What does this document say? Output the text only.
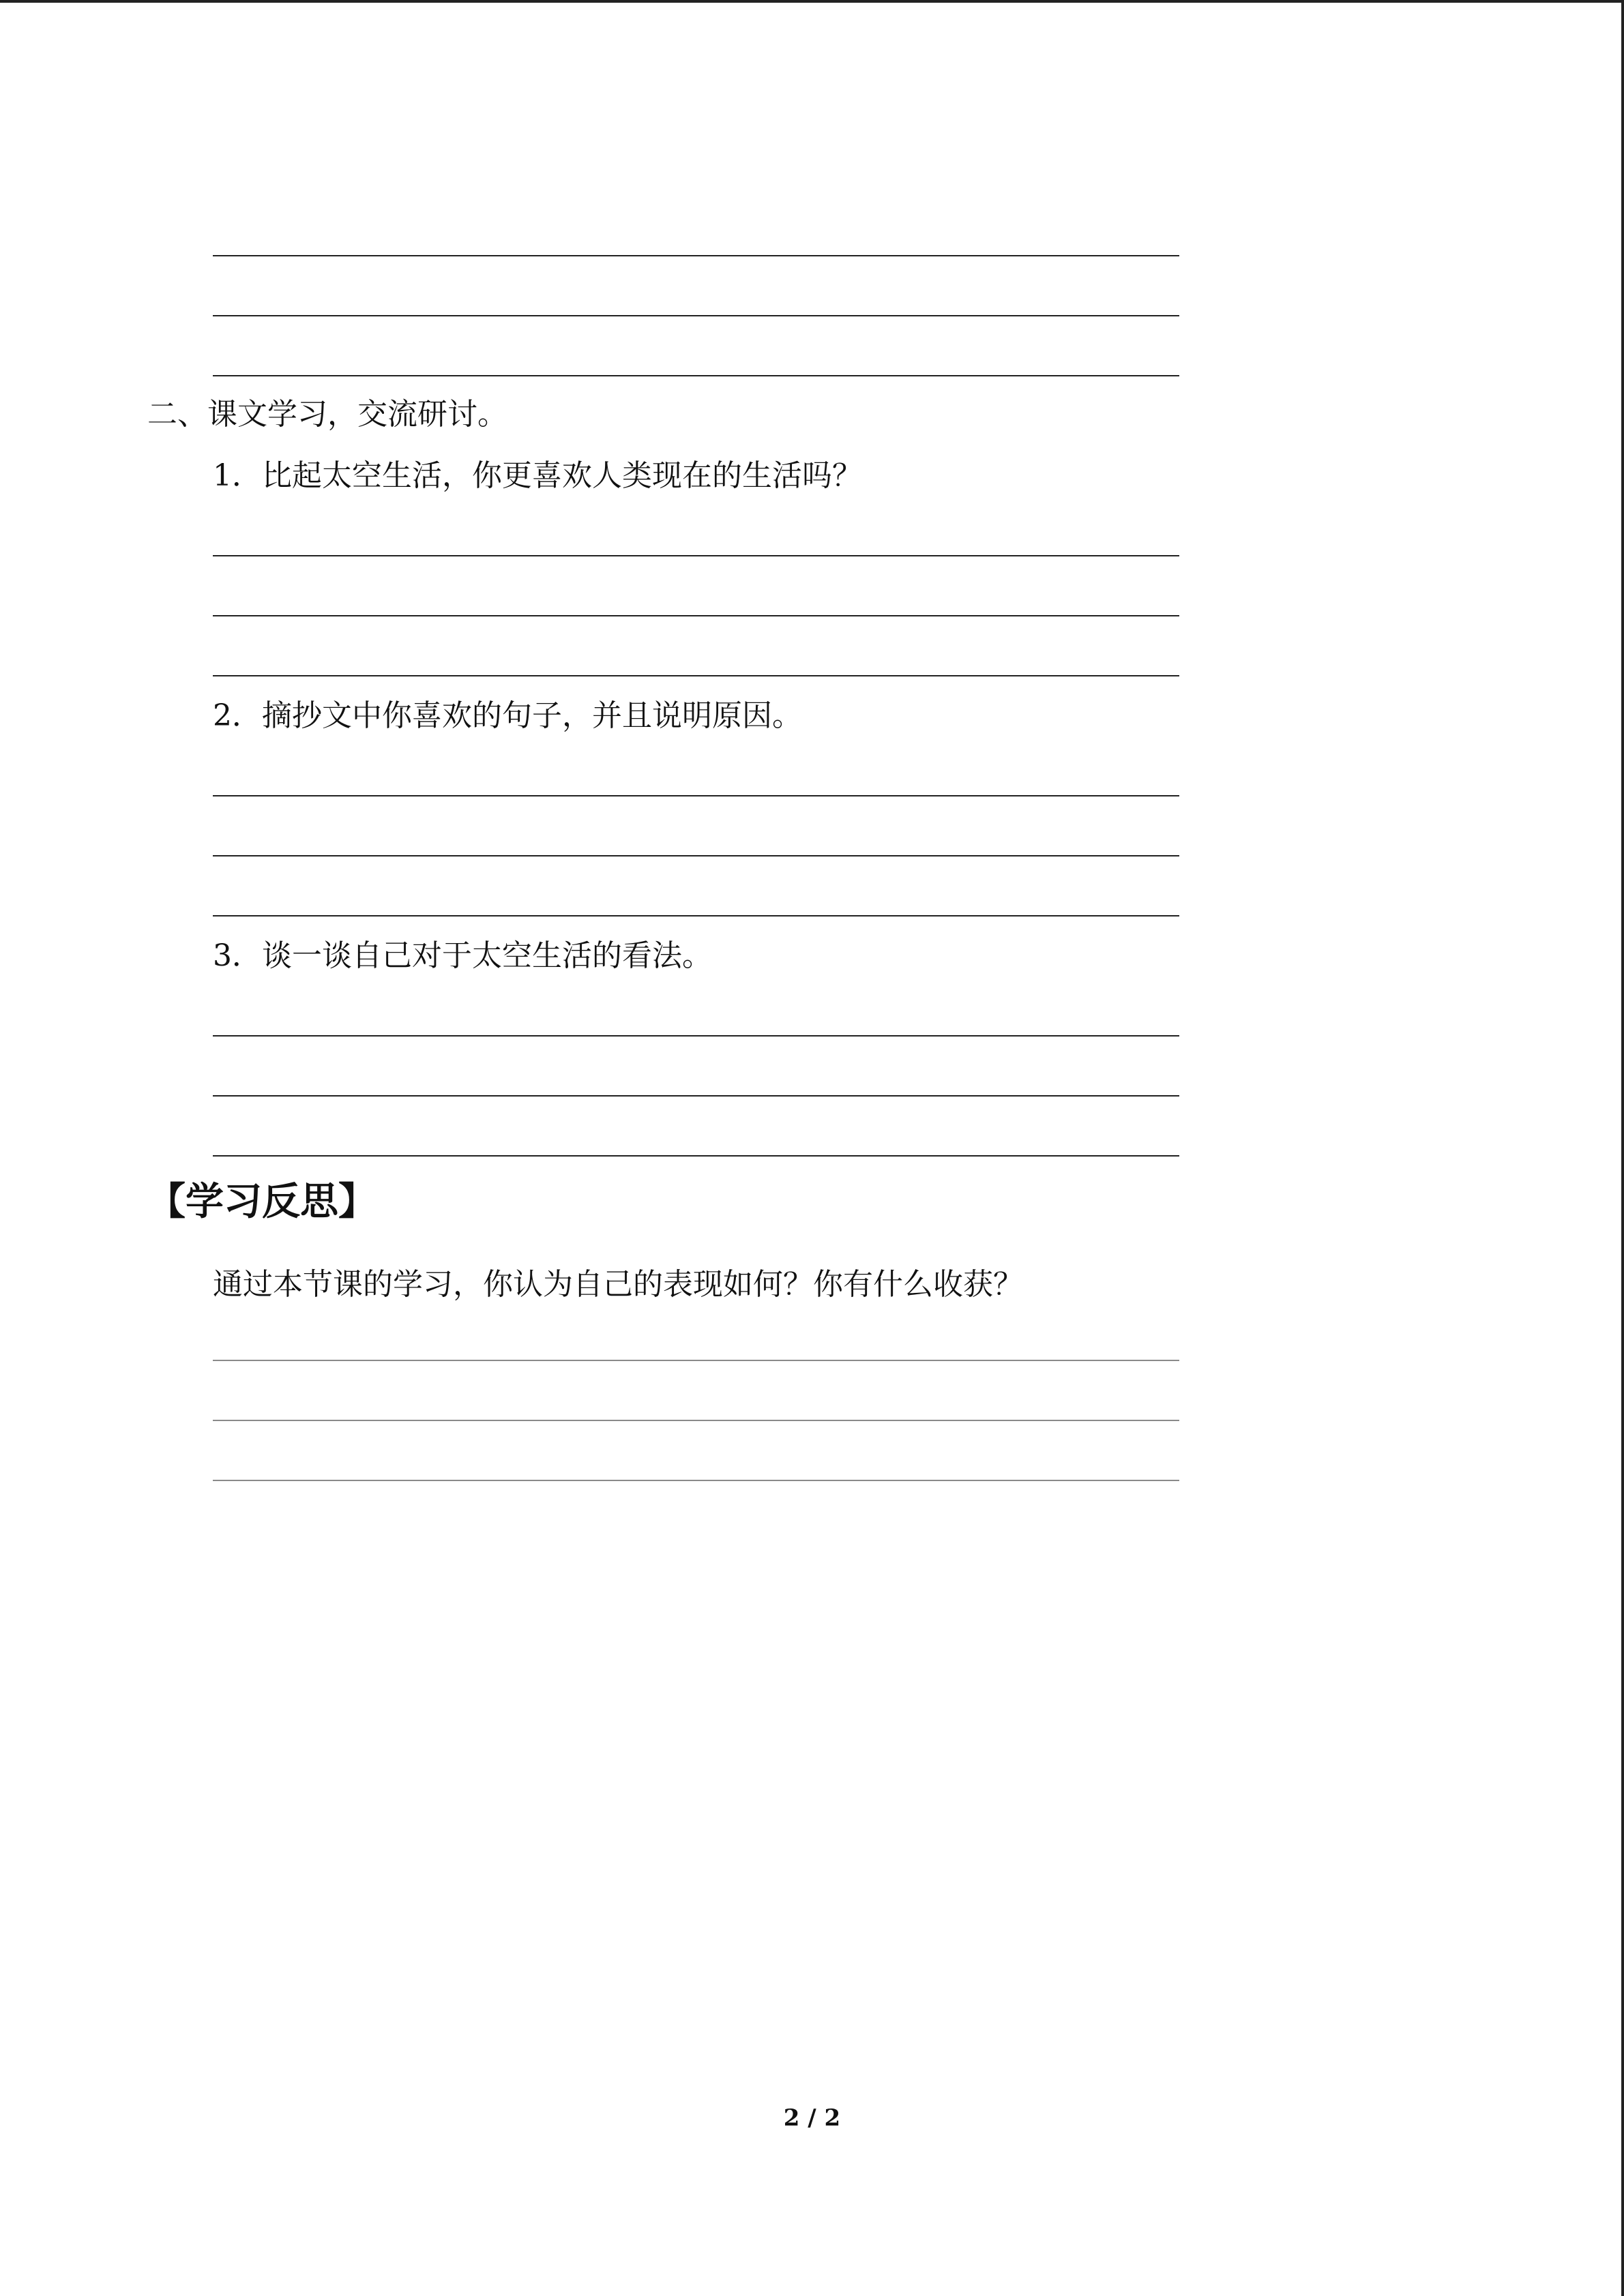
二、课文学习，交流研讨。
1．比起太空生活，你更喜欢人类现在的生活吗？
2．摘抄文中你喜欢的句子，并且说明原因。
3．谈一谈自己对于太空生活的看法。
【学习反思】
通过本节课的学习，你认为自己的表现如何？你有什么收获？
2 / 2
